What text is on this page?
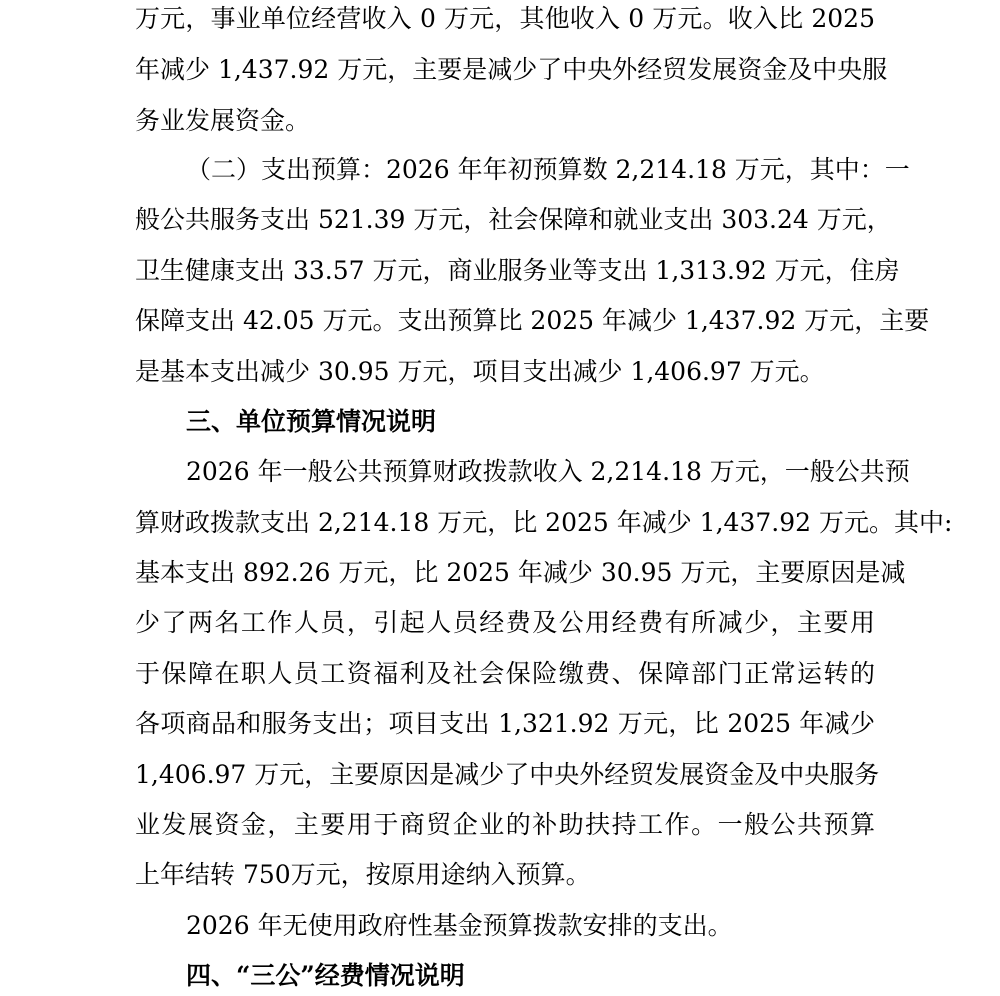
万元，事业单位经营收入 0 万元，其他收入 0 万元。收入比 2025
年减少 1,437.92 万元，主要是减少了中央外经贸发展资金及中央服
务业发展资金。
（二）支出预算：2026 年年初预算数 2,214.18 万元，其中：一
般公共服务支出 521.39 万元，社会保障和就业支出 303.24 万元，
卫生健康支出 33.57 万元，商业服务业等支出 1,313.92 万元，住房
保障支出 42.05 万元。支出预算比 2025 年减少 1,437.92 万元，主要
是基本支出减少 30.95 万元，项目支出减少 1,406.97 万元。
三、单位预算情况说明
2026 年一般公共预算财政拨款收入 2,214.18 万元，一般公共预
算财政拨款支出 2,214.18 万元，比 2025 年减少 1,437.92 万元。其中:
基本支出 892.26 万元，比 2025 年减少 30.95 万元，主要原因是减
少了两名工作人员，引起人员经费及公用经费有所减少，主要用
于保障在职人员工资福利及社会保险缴费、保障部门正常运转的
各项商品和服务支出；项目支出 1,321.92 万元，比 2025 年减少
1,406.97 万元，主要原因是减少了中央外经贸发展资金及中央服务
业发展资金，主要用于商贸企业的补助扶持工作。一般公共预算
上年结转 750万元，按原用途纳入预算。
2026 年无使用政府性基金预算拨款安排的支出。
四、“三公”经费情况说明
